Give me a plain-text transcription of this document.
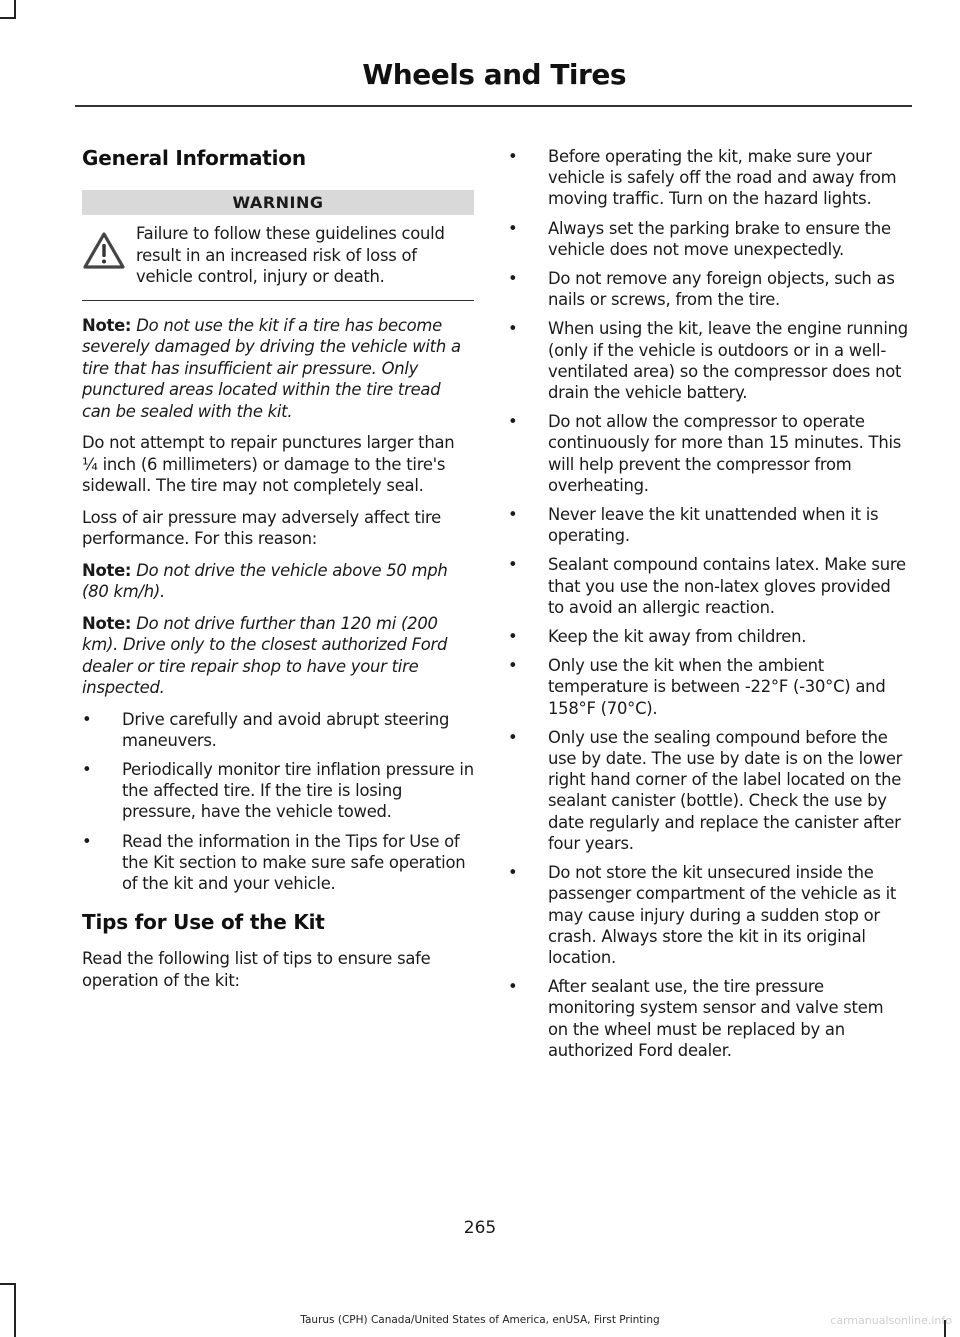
Wheels and Tires
General Information
WARNING
Failure to follow these guidelines could result in an increased risk of loss of vehicle control, injury or death.

Note: Do not use the kit if a tire has become severely damaged by driving the vehicle with a tire that has insufficient air pressure. Only punctured areas located within the tire tread can be sealed with the kit.

Do not attempt to repair punctures larger than ¼ inch (6 millimeters) or damage to the tire's sidewall. The tire may not completely seal.

Loss of air pressure may adversely affect tire performance. For this reason:

Note: Do not drive the vehicle above 50 mph (80 km/h).

Note: Do not drive further than 120 mi (200 km). Drive only to the closest authorized Ford dealer or tire repair shop to have your tire inspected.

•	Drive carefully and avoid abrupt steering maneuvers.
•	Periodically monitor tire inflation pressure in the affected tire. If the tire is losing pressure, have the vehicle towed.
•	Read the information in the Tips for Use of the Kit section to make sure safe operation of the kit and your vehicle.
Tips for Use of the Kit

Read the following list of tips to ensure safe operation of the kit:

•	Before operating the kit, make sure your vehicle is safely off the road and away from moving traffic. Turn on the hazard lights.
•	Always set the parking brake to ensure the vehicle does not move unexpectedly.
•	Do not remove any foreign objects, such as nails or screws, from the tire.
•	When using the kit, leave the engine running (only if the vehicle is outdoors or in a well-ventilated area) so the compressor does not drain the vehicle battery.
•	Do not allow the compressor to operate continuously for more than 15 minutes. This will help prevent the compressor from overheating.
•	Never leave the kit unattended when it is operating.
•	Sealant compound contains latex. Make sure that you use the non-latex gloves provided to avoid an allergic reaction.
•	Keep the kit away from children.
•	Only use the kit when the ambient temperature is between -22°F (-30°C) and 158°F (70°C).
•	Only use the sealing compound before the use by date. The use by date is on the lower right hand corner of the label located on the sealant canister (bottle). Check the use by date regularly and replace the canister after four years.
•	Do not store the kit unsecured inside the passenger compartment of the vehicle as it may cause injury during a sudden stop or crash. Always store the kit in its original location.
•	After sealant use, the tire pressure monitoring system sensor and valve stem on the wheel must be replaced by an authorized Ford dealer.
265
Taurus (CPH) Canada/United States of America, enUSA, First Printing	carmanualsonline.info
